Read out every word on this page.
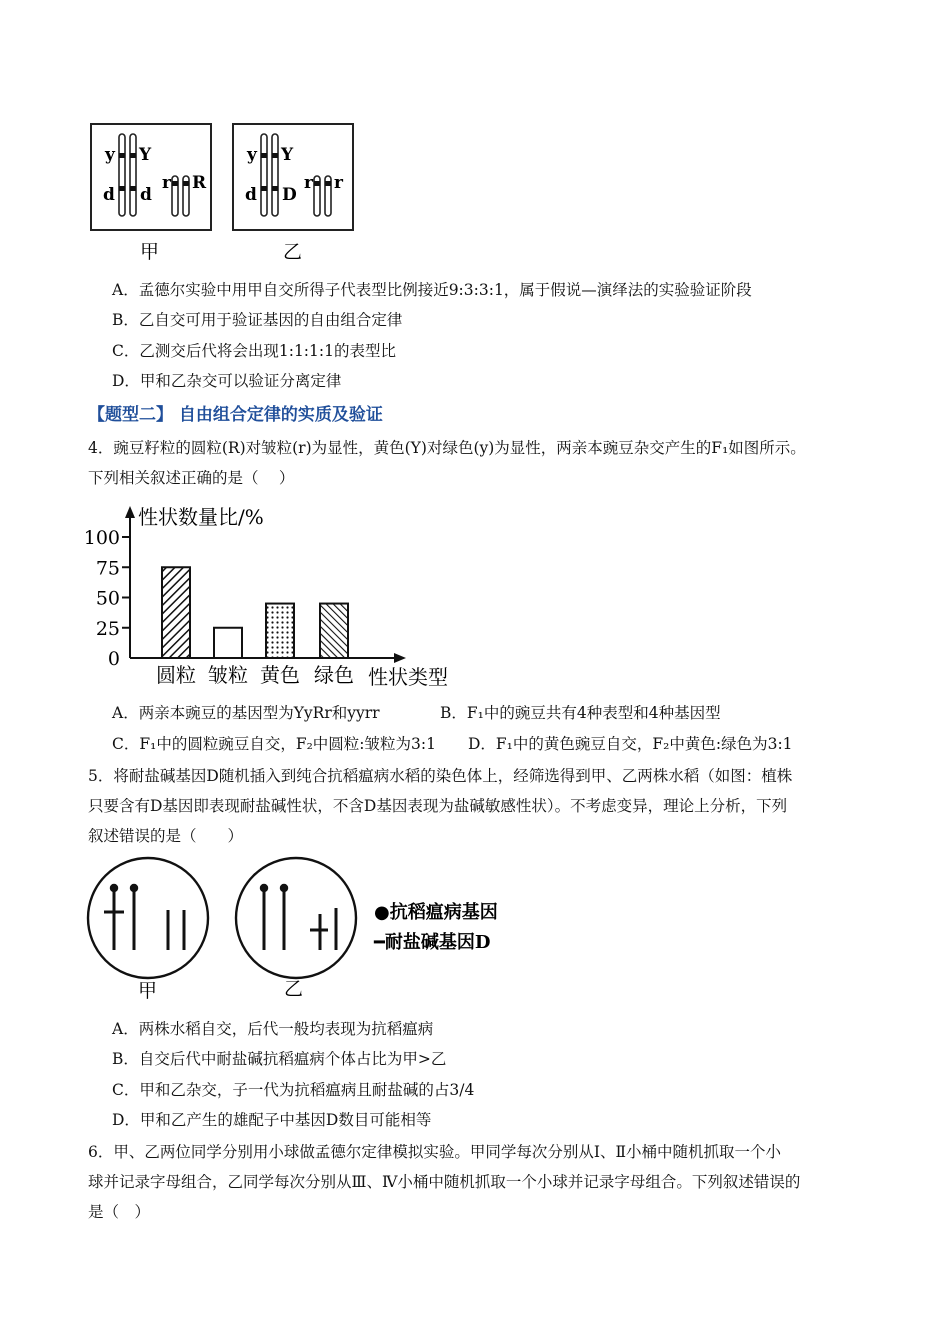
y Y
d d
r R
甲
y Y
d D
r r
乙
A．孟德尔实验中用甲自交所得子代表型比例接近9:3:3:1，属于假说—演绎法的实验验证阶段
B．乙自交可用于验证基因的自由组合定律
C．乙测交后代将会出现1:1:1:1的表型比
D．甲和乙杂交可以验证分离定律
【题型二】 自由组合定律的实质及验证
4．豌豆籽粒的圆粒(R)对皱粒(r)为显性，黄色(Y)对绿色(y)为显性，两亲本豌豆杂交产生的F₁如图所示。
下列相关叙述正确的是（　 ）
性状数量比/%
性状类型
100
75
50
25
0
圆粒 皱粒 黄色 绿色
A．两亲本豌豆的基因型为YyRr和yyrr	B．F₁中的豌豆共有4种表型和4种基因型
C．F₁中的圆粒豌豆自交，F₂中圆粒:皱粒为3:1 D．F₁中的黄色豌豆自交，F₂中黄色:绿色为3:1
5．将耐盐碱基因D随机插入到纯合抗稻瘟病水稻的染色体上，经筛选得到甲、乙两株水稻（如图：植株
只要含有D基因即表现耐盐碱性状，不含D基因表现为盐碱敏感性状）。不考虑变异，理论上分析，下列
叙述错误的是（　　）
甲	乙
●抗稻瘟病基因
━耐盐碱基因D
A．两株水稻自交，后代一般均表现为抗稻瘟病
B．自交后代中耐盐碱抗稻瘟病个体占比为甲>乙
C．甲和乙杂交，子一代为抗稻瘟病且耐盐碱的占3/4
D．甲和乙产生的雄配子中基因D数目可能相等
6．甲、乙两位同学分别用小球做孟德尔定律模拟实验。甲同学每次分别从Ⅰ、Ⅱ小桶中随机抓取一个小
球并记录字母组合，乙同学每次分别从Ⅲ、Ⅳ小桶中随机抓取一个小球并记录字母组合。下列叙述错误的
是（　）
